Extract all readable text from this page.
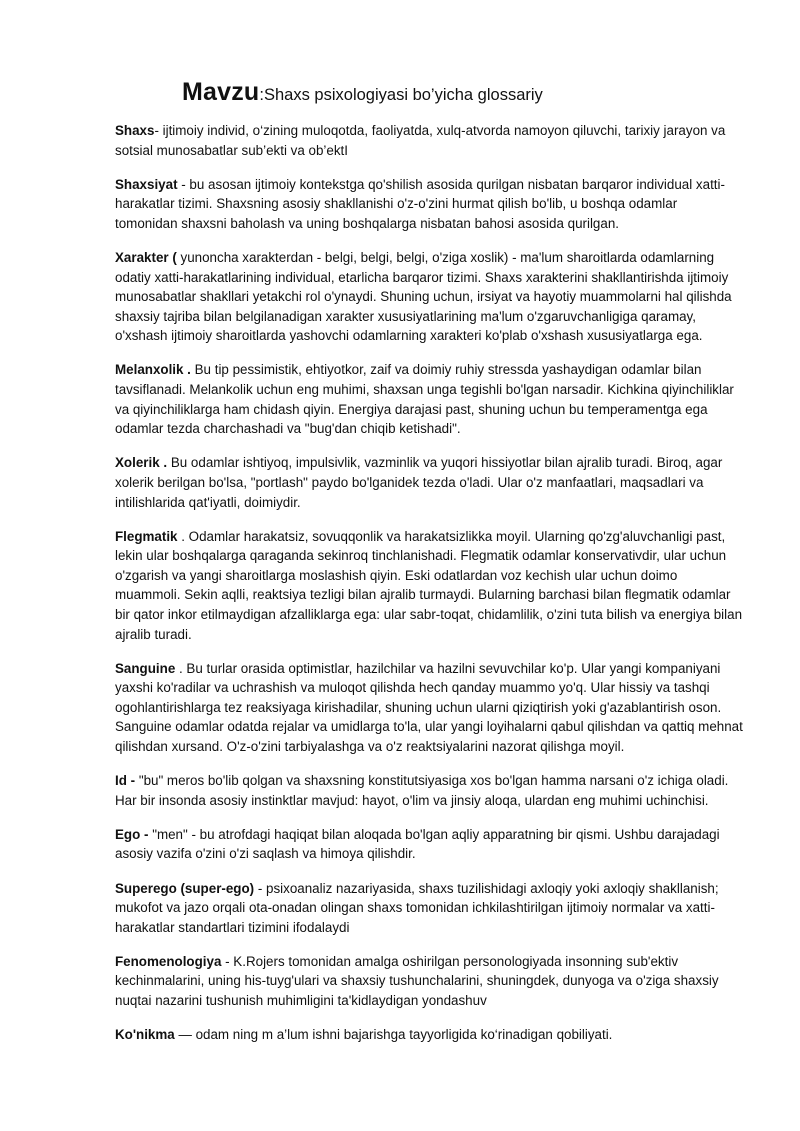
Mavzu:Shaxs psixologiyasi bo’yicha glossariy

Shaxs- ijtimoiy individ, o‘zining muloqotda, faoliyatda, xulq-atvorda namoyon qiluvchi, tarixiy jarayon va sotsial munosabatlar sub’ekti va ob’ektI

Shaxsiyat - bu asosan ijtimoiy kontekstga qo'shilish asosida qurilgan nisbatan barqaror individual xatti-harakatlar tizimi. Shaxsning asosiy shakllanishi o'z-o'zini hurmat qilish bo'lib, u boshqa odamlar tomonidan shaxsni baholash va uning boshqalarga nisbatan bahosi asosida qurilgan.

Xarakter ( yunoncha xarakterdan - belgi, belgi, belgi, o'ziga xoslik) - ma'lum sharoitlarda odamlarning odatiy xatti-harakatlarining individual, etarlicha barqaror tizimi. Shaxs xarakterini shakllantirishda ijtimoiy munosabatlar shakllari yetakchi rol o'ynaydi. Shuning uchun, irsiyat va hayotiy muammolarni hal qilishda shaxsiy tajriba bilan belgilanadigan xarakter xususiyatlarining ma'lum o'zgaruvchanligiga qaramay, o'xshash ijtimoiy sharoitlarda yashovchi odamlarning xarakteri ko'plab o'xshash xususiyatlarga ega.

Melanxolik . Bu tip pessimistik, ehtiyotkor, zaif va doimiy ruhiy stressda yashaydigan odamlar bilan tavsiflanadi. Melankolik uchun eng muhimi, shaxsan unga tegishli bo'lgan narsadir. Kichkina qiyinchiliklar va qiyinchiliklarga ham chidash qiyin. Energiya darajasi past, shuning uchun bu temperamentga ega odamlar tezda charchashadi va "bug'dan chiqib ketishadi".

Xolerik . Bu odamlar ishtiyoq, impulsivlik, vazminlik va yuqori hissiyotlar bilan ajralib turadi. Biroq, agar xolerik berilgan bo'lsa, "portlash" paydo bo'lganidek tezda o'ladi. Ular o'z manfaatlari, maqsadlari va intilishlarida qat'iyatli, doimiydir.

Flegmatik . Odamlar harakatsiz, sovuqqonlik va harakatsizlikka moyil. Ularning qo'zg'aluvchanligi past, lekin ular boshqalarga qaraganda sekinroq tinchlanishadi. Flegmatik odamlar konservativdir, ular uchun o'zgarish va yangi sharoitlarga moslashish qiyin. Eski odatlardan voz kechish ular uchun doimo muammoli. Sekin aqlli, reaktsiya tezligi bilan ajralib turmaydi. Bularning barchasi bilan flegmatik odamlar bir qator inkor etilmaydigan afzalliklarga ega: ular sabr-toqat, chidamlilik, o'zini tuta bilish va energiya bilan ajralib turadi.

Sanguine . Bu turlar orasida optimistlar, hazilchilar va hazilni sevuvchilar ko'p. Ular yangi kompaniyani yaxshi ko'radilar va uchrashish va muloqot qilishda hech qanday muammo yo'q. Ular hissiy va tashqi ogohlantirishlarga tez reaksiyaga kirishadilar, shuning uchun ularni qiziqtirish yoki g'azablantirish oson. Sanguine odamlar odatda rejalar va umidlarga to'la, ular yangi loyihalarni qabul qilishdan va qattiq mehnat qilishdan xursand. O'z-o'zini tarbiyalashga va o'z reaktsiyalarini nazorat qilishga moyil.

Id - "bu" meros bo'lib qolgan va shaxsning konstitutsiyasiga xos bo'lgan hamma narsani o'z ichiga oladi. Har bir insonda asosiy instinktlar mavjud: hayot, o'lim va jinsiy aloqa, ulardan eng muhimi uchinchisi.

Ego - "men" - bu atrofdagi haqiqat bilan aloqada bo'lgan aqliy apparatning bir qismi. Ushbu darajadagi asosiy vazifa o'zini o'zi saqlash va himoya qilishdir.

Superego (super-ego) - psixoanaliz nazariyasida, shaxs tuzilishidagi axloqiy yoki axloqiy shakllanish; mukofot va jazo orqali ota-onadan olingan shaxs tomonidan ichkilashtirilgan ijtimoiy normalar va xatti-harakatlar standartlari tizimini ifodalaydi

Fenomenologiya - K.Rojers tomonidan amalga oshirilgan personologiyada insonning sub'ektiv kechinmalarini, uning his-tuyg'ulari va shaxsiy tushunchalarini, shuningdek, dunyoga va o'ziga shaxsiy nuqtai nazarini tushunish muhimligini ta'kidlaydigan yondashuv

Ko'nikma — odam ning m a’lum ishni bajarishga tayyorligida ko‘rinadigan qobiliyati.
